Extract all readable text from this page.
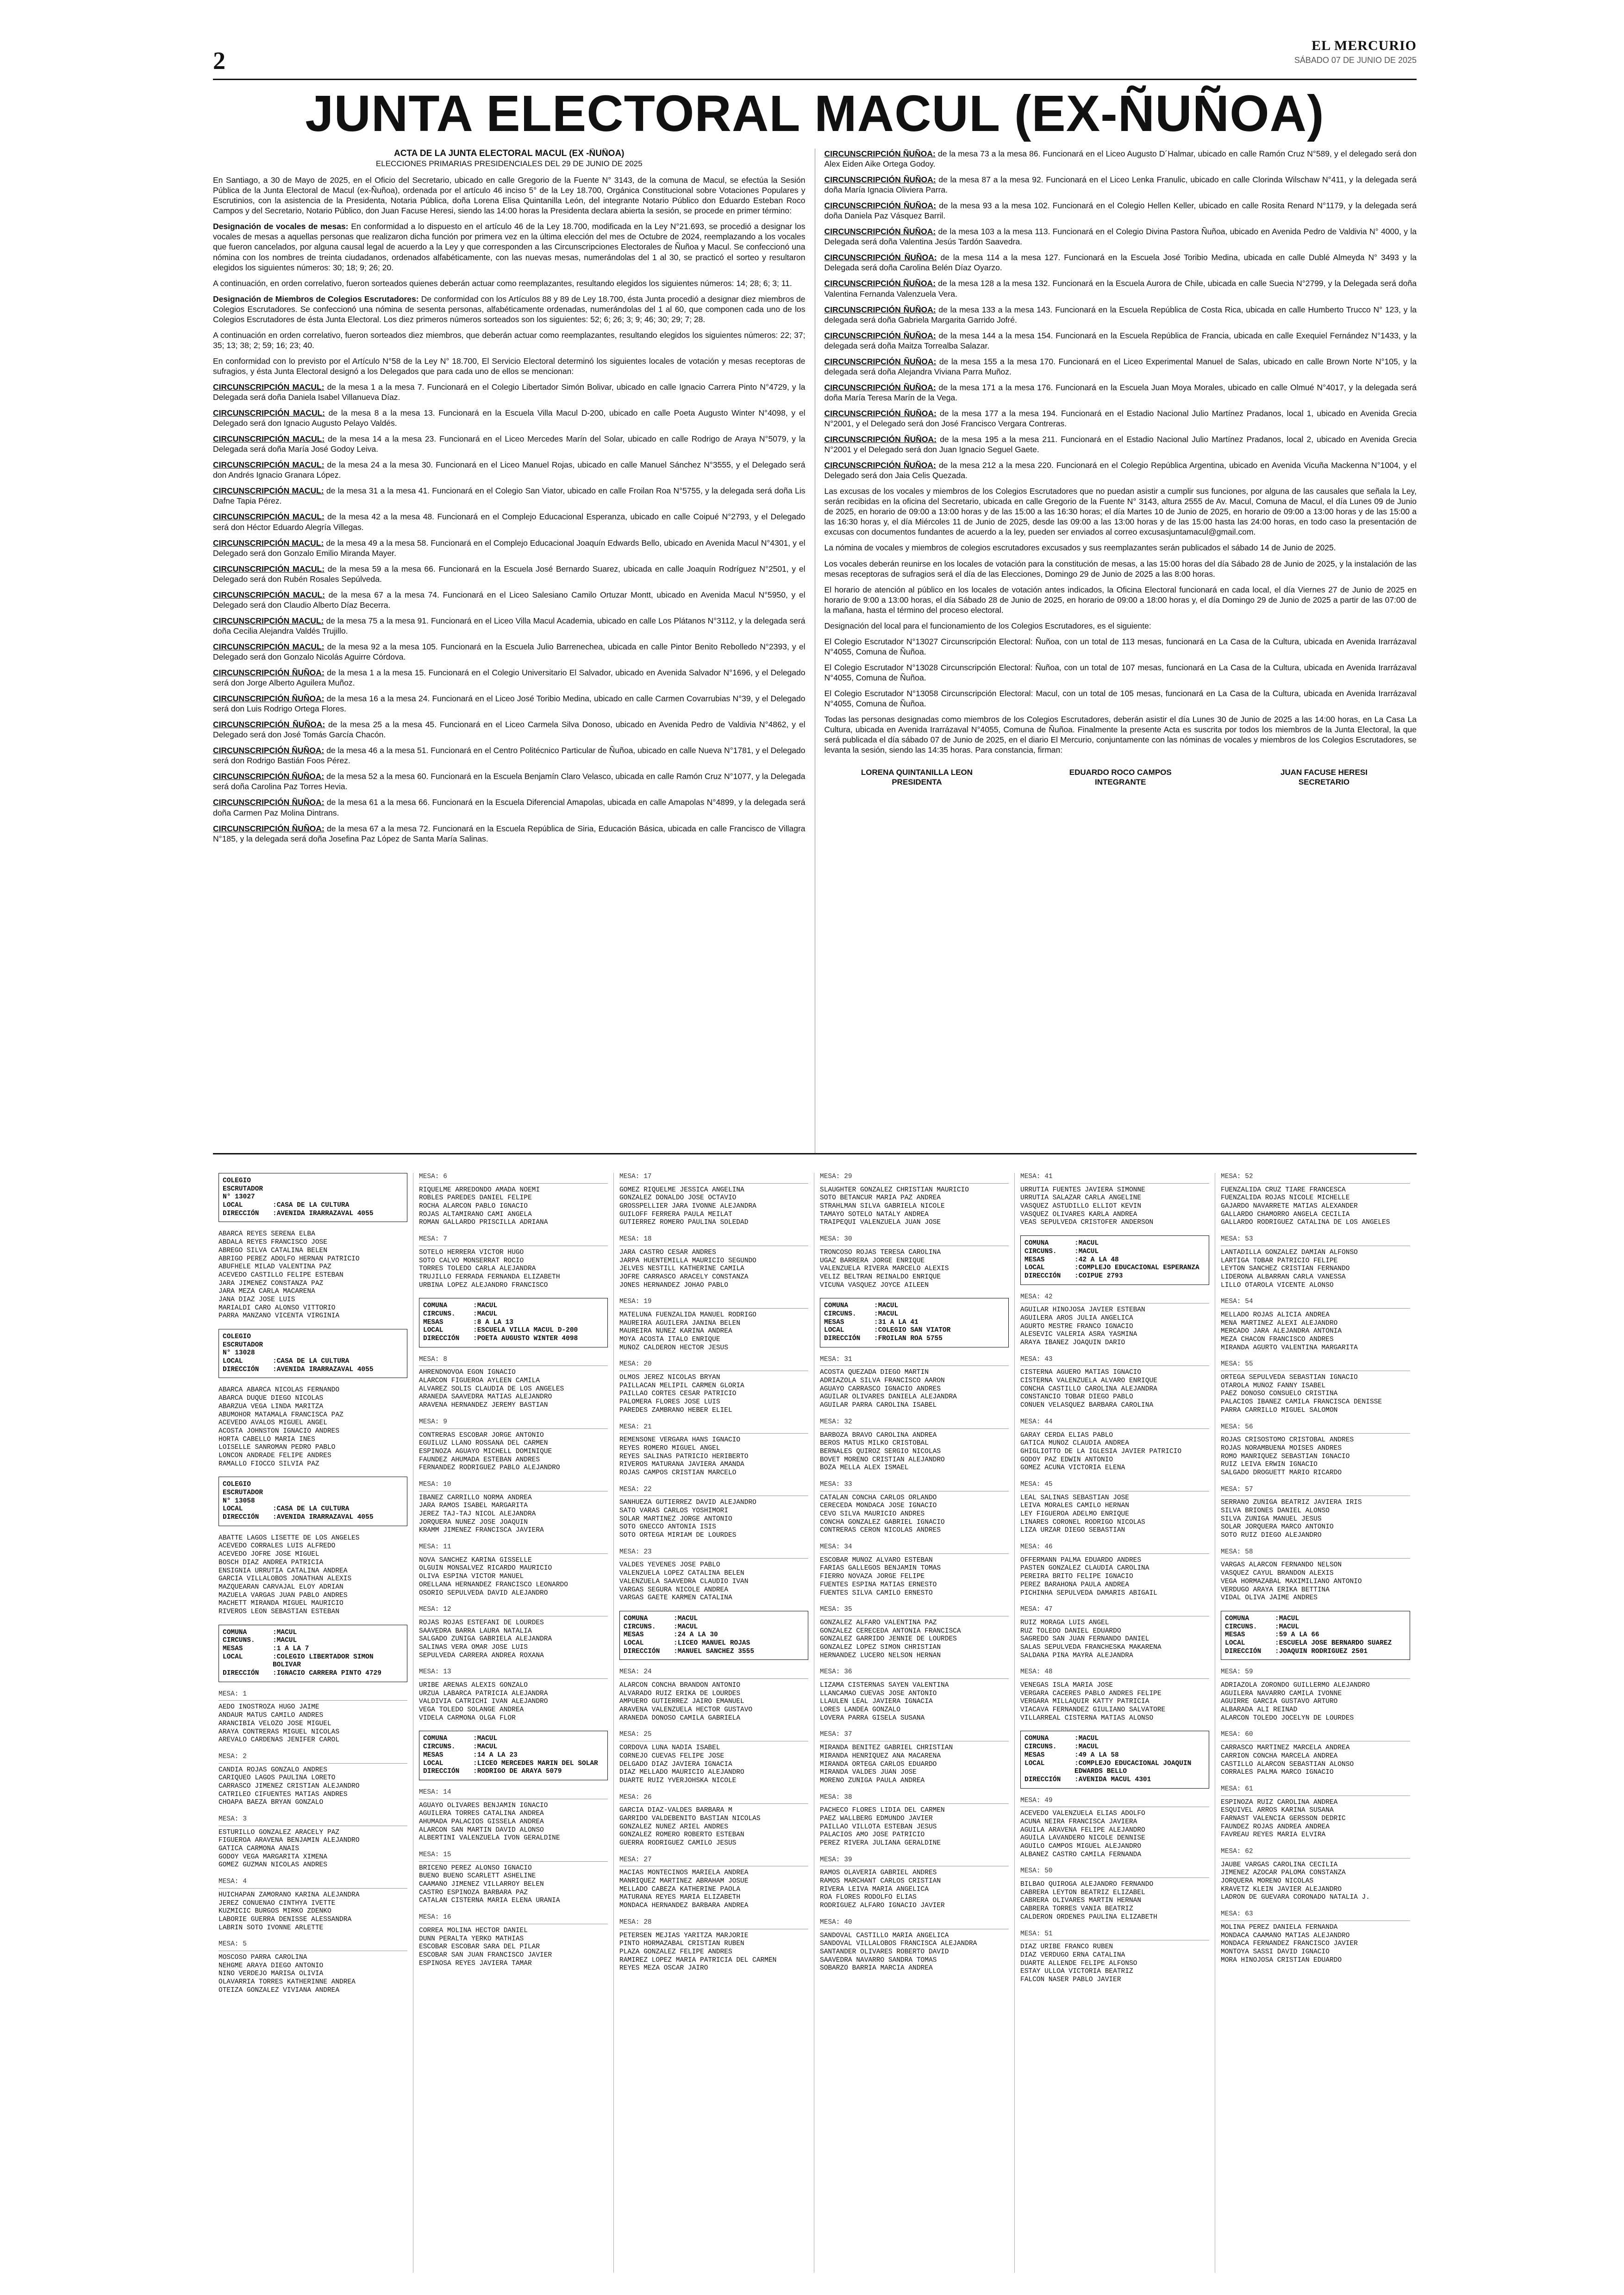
2
EL MERCURIO
SÁBADO 07 DE JUNIO DE 2025
JUNTA ELECTORAL MACUL (EX-ÑUÑOA)
ACTA DE LA JUNTA ELECTORAL MACUL (EX -ÑUÑOA)
ELECCIONES PRIMARIAS PRESIDENCIALES DEL 29 DE JUNIO DE 2025

En Santiago, a 30 de Mayo de 2025, en el Oficio del Secretario, ubicado en calle Gregorio de la Fuente N° 3143, de la comuna de Macul, se efectúa la Sesión Pública de la Junta Electoral de Macul (ex-Ñuñoa), ordenada por el artículo 46 inciso 5° de la Ley 18.700, Orgánica Constitucional sobre Votaciones Populares y Escrutinios, con la asistencia de la Presidenta, Notaria Pública, doña Lorena Elisa Quintanilla León, del integrante Notario Público don Eduardo Esteban Roco Campos y del Secretario, Notario Público, don Juan Facuse Heresi, siendo las 14:00 horas la Presidenta declara abierta la sesión, se procede en primer término:

Designación de vocales de mesas: En conformidad a lo dispuesto en el artículo 46 de la Ley 18.700, modificada en la Ley N°21.693, se procedió a designar los vocales de mesas a aquellas personas que realizaron dicha función por primera vez en la última elección del mes de Octubre de 2024, reemplazando a los vocales que fueron cancelados, por alguna causal legal de acuerdo a la Ley y que corresponden a las Circunscripciones Electorales de Ñuñoa y Macul. Se confeccionó una nómina con los nombres de treinta ciudadanos, ordenados alfabéticamente, con las nuevas mesas, numerándolas del 1 al 30, se practicó el sorteo y resultaron elegidos los siguientes números: 30; 18; 9; 26; 20.

A continuación, en orden correlativo, fueron sorteados quienes deberán actuar como reemplazantes, resultando elegidos los siguientes números: 14; 28; 6; 3; 11.

Designación de Miembros de Colegios Escrutadores: De conformidad con los Artículos 88 y 89 de Ley 18.700, ésta Junta procedió a designar diez miembros de Colegios Escrutadores. Se confeccionó una nómina de sesenta personas, alfabéticamente ordenadas, numerándolas del 1 al 60, que componen cada uno de los Colegios Escrutadores de ésta Junta Electoral. Los diez primeros números sorteados son los siguientes: 52; 6; 26; 3; 9; 46; 30; 29; 7; 28.

A continuación en orden correlativo, fueron sorteados diez miembros, que deberán actuar como reemplazantes, resultando elegidos los siguientes números: 22; 37; 35; 13; 38; 2; 59; 16; 23; 40.

En conformidad con lo previsto por el Artículo N°58 de la Ley N° 18.700, El Servicio Electoral determinó los siguientes locales de votación y mesas receptoras de sufragios, y ésta Junta Electoral designó a los Delegados que para cada uno de ellos se mencionan:

CIRCUNSCRIPCIÓN MACUL: de la mesa 1 a la mesa 7. Funcionará en el Colegio Libertador Simón Bolivar, ubicado en calle Ignacio Carrera Pinto N°4729, y la Delegada será doña Daniela Isabel Villanueva Díaz.

CIRCUNSCRIPCIÓN MACUL: de la mesa 8 a la mesa 13. Funcionará en la Escuela Villa Macul D-200, ubicado en calle Poeta Augusto Winter N°4098, y el Delegado será don Ignacio Augusto Pelayo Valdés.

CIRCUNSCRIPCIÓN MACUL: de la mesa 14 a la mesa 23. Funcionará en el Liceo Mercedes Marín del Solar, ubicado en calle Rodrigo de Araya N°5079, y la Delegada será doña María José Godoy Leiva.

CIRCUNSCRIPCIÓN MACUL: de la mesa 24 a la mesa 30. Funcionará en el Liceo Manuel Rojas, ubicado en calle Manuel Sánchez N°3555, y el Delegado será don Andrés Ignacio Granara López.

CIRCUNSCRIPCIÓN MACUL: de la mesa 31 a la mesa 41. Funcionará en el Colegio San Viator, ubicado en calle Froilan Roa N°5755, y la delegada será doña Lis Dafne Tapia Pérez.

CIRCUNSCRIPCIÓN MACUL: de la mesa 42 a la mesa 48. Funcionará en el Complejo Educacional Esperanza, ubicado en calle Coipué N°2793, y el Delegado será don Héctor Eduardo Alegría Villegas.

CIRCUNSCRIPCIÓN MACUL: de la mesa 49 a la mesa 58. Funcionará en el Complejo Educacional Joaquín Edwards Bello, ubicado en Avenida Macul N°4301, y el Delegado será don Gonzalo Emilio Miranda Mayer.

CIRCUNSCRIPCIÓN MACUL: de la mesa 59 a la mesa 66. Funcionará en la Escuela José Bernardo Suarez, ubicada en calle Joaquín Rodríguez N°2501, y el Delegado será don Rubén Rosales Sepúlveda.

CIRCUNSCRIPCIÓN MACUL: de la mesa 67 a la mesa 74. Funcionará en el Liceo Salesiano Camilo Ortuzar Montt, ubicado en Avenida Macul N°5950, y el Delegado será don Claudio Alberto Díaz Becerra.

CIRCUNSCRIPCIÓN MACUL: de la mesa 75 a la mesa 91. Funcionará en el Liceo Villa Macul Academia, ubicado en calle Los Plátanos N°3112, y la delegada será doña Cecilia Alejandra Valdés Trujillo.

CIRCUNSCRIPCIÓN MACUL: de la mesa 92 a la mesa 105. Funcionará en la Escuela Julio Barrenechea, ubicada en calle Pintor Benito Rebolledo N°2393, y el Delegado será don Gonzalo Nicolás Aguirre Córdova.

CIRCUNSCRIPCIÓN ÑUÑOA: de la mesa 1 a la mesa 15. Funcionará en el Colegio Universitario El Salvador, ubicado en Avenida Salvador N°1696, y el Delegado será don Jorge Alberto Aguilera Muñoz.

CIRCUNSCRIPCIÓN ÑUÑOA: de la mesa 16 a la mesa 24. Funcionará en el Liceo José Toribio Medina, ubicado en calle Carmen Covarrubias N°39, y el Delegado será don Luis Rodrigo Ortega Flores.

CIRCUNSCRIPCIÓN ÑUÑOA: de la mesa 25 a la mesa 45. Funcionará en el Liceo Carmela Silva Donoso, ubicado en Avenida Pedro de Valdivia N°4862, y el Delegado será don José Tomás García Chacón.

CIRCUNSCRIPCIÓN ÑUÑOA: de la mesa 46 a la mesa 51. Funcionará en el Centro Politécnico Particular de Ñuñoa, ubicado en calle Nueva N°1781, y el Delegado será don Rodrigo Bastián Foos Pérez.

CIRCUNSCRIPCIÓN ÑUÑOA: de la mesa 52 a la mesa 60. Funcionará en la Escuela Benjamín Claro Velasco, ubicada en calle Ramón Cruz N°1077, y la Delegada será doña Carolina Paz Torres Hevia.

CIRCUNSCRIPCIÓN ÑUÑOA: de la mesa 61 a la mesa 66. Funcionará en la Escuela Diferencial Amapolas, ubicada en calle Amapolas N°4899, y la delegada será doña Carmen Paz Molina Dintrans.

CIRCUNSCRIPCIÓN ÑUÑOA: de la mesa 67 a la mesa 72. Funcionará en la Escuela República de Siria, Educación Básica, ubicada en calle Francisco de Villagra N°185, y la delegada será doña Josefina Paz López de Santa María Salinas.

CIRCUNSCRIPCIÓN ÑUÑOA: de la mesa 73 a la mesa 86. Funcionará en el Liceo Augusto D´Halmar, ubicado en calle Ramón Cruz N°589, y el delegado será don Alex Eiden Aike Ortega Godoy.

CIRCUNSCRIPCIÓN ÑUÑOA: de la mesa 87 a la mesa 92. Funcionará en el Liceo Lenka Franulic, ubicado en calle Clorinda Wilschaw N°411, y la delegada será doña María Ignacia Oliviera Parra.

CIRCUNSCRIPCIÓN ÑUÑOA: de la mesa 93 a la mesa 102. Funcionará en el Colegio Hellen Keller, ubicado en calle Rosita Renard N°1179, y la delegada será doña Daniela Paz Vásquez Barril.

CIRCUNSCRIPCIÓN ÑUÑOA: de la mesa 103 a la mesa 113. Funcionará en el Colegio Divina Pastora Ñuñoa, ubicado en Avenida Pedro de Valdivia N° 4000, y la Delegada será doña Valentina Jesús Tardón Saavedra.

CIRCUNSCRIPCIÓN ÑUÑOA: de la mesa 114 a la mesa 127. Funcionará en la Escuela José Toribio Medina, ubicada en calle Dublé Almeyda N° 3493 y la Delegada será doña Carolina Belén Díaz Oyarzo.

CIRCUNSCRIPCIÓN ÑUÑOA: de la mesa 128 a la mesa 132. Funcionará en la Escuela Aurora de Chile, ubicada en calle Suecia N°2799, y la Delegada será doña Valentina Fernanda Valenzuela Vera.

CIRCUNSCRIPCIÓN ÑUÑOA: de la mesa 133 a la mesa 143. Funcionará en la Escuela República de Costa Rica, ubicada en calle Humberto Trucco N° 123, y la delegada será doña Gabriela Margarita Garrido Jofré.

CIRCUNSCRIPCIÓN ÑUÑOA: de la mesa 144 a la mesa 154. Funcionará en la Escuela República de Francia, ubicada en calle Exequiel Fernández N°1433, y la delegada será doña Maitza Torrealba Salazar.

CIRCUNSCRIPCIÓN ÑUÑOA: de la mesa 155 a la mesa 170. Funcionará en el Liceo Experimental Manuel de Salas, ubicado en calle Brown Norte N°105, y la delegada será doña Alejandra Viviana Parra Muñoz.

CIRCUNSCRIPCIÓN ÑUÑOA: de la mesa 171 a la mesa 176. Funcionará en la Escuela Juan Moya Morales, ubicado en calle Olmué N°4017, y la delegada será doña María Teresa Marín de la Vega.

CIRCUNSCRIPCIÓN ÑUÑOA: de la mesa 177 a la mesa 194. Funcionará en el Estadio Nacional Julio Martínez Pradanos, local 1, ubicado en Avenida Grecia N°2001, y el Delegado será don José Francisco Vergara Contreras.

CIRCUNSCRIPCIÓN ÑUÑOA: de la mesa 195 a la mesa 211. Funcionará en el Estadio Nacional Julio Martínez Pradanos, local 2, ubicado en Avenida Grecia N°2001 y el Delegado será don Juan Ignacio Seguel Gaete.

CIRCUNSCRIPCIÓN ÑUÑOA: de la mesa 212 a la mesa 220. Funcionará en el Colegio República Argentina, ubicado en Avenida Vicuña Mackenna N°1004, y el Delegado será don Jaia Celis Quezada.

Las excusas de los vocales y miembros de los Colegios Escrutadores que no puedan asistir a cumplir sus funciones, por alguna de las causales que señala la Ley, serán recibidas en la oficina del Secretario, ubicada en calle Gregorio de la Fuente N° 3143, altura 2555 de Av. Macul, Comuna de Macul, el día Lunes 09 de Junio de 2025, en horario de 09:00 a 13:00 horas y de las 15:00 a las 16:30 horas; el día Martes 10 de Junio de 2025, en horario de 09:00 a 13:00 horas y de las 15:00 a las 16:30 horas y, el día Miércoles 11 de Junio de 2025, desde las 09:00 a las 13:00 horas y de las 15:00 hasta las 24:00 horas, en todo caso la presentación de excusas con documentos fundantes de acuerdo a la ley, pueden ser enviados al correo excusasjuntamacul@gmail.com.

La nómina de vocales y miembros de colegios escrutadores excusados y sus reemplazantes serán publicados el sábado 14 de Junio de 2025.

Los vocales deberán reunirse en los locales de votación para la constitución de mesas, a las 15:00 horas del día Sábado 28 de Junio de 2025, y la instalación de las mesas receptoras de sufragios será el día de las Elecciones, Domingo 29 de Junio de 2025 a las 8:00 horas.

El horario de atención al público en los locales de votación antes indicados, la Oficina Electoral funcionará en cada local, el día Viernes 27 de Junio de 2025 en horario de 9:00 a 13:00 horas, el día Sábado 28 de Junio de 2025, en horario de 09:00 a 18:00 horas y, el día Domingo 29 de Junio de 2025 a partir de las 07:00 de la mañana, hasta el término del proceso electoral.

Designación del local para el funcionamiento de los Colegios Escrutadores, es el siguiente:

El Colegio Escrutador N°13027 Circunscripción Electoral: Ñuñoa, con un total de 113 mesas, funcionará en La Casa de la Cultura, ubicada en Avenida Irarrázaval N°4055, Comuna de Ñuñoa.

El Colegio Escrutador N°13028 Circunscripción Electoral: Ñuñoa, con un total de 107 mesas, funcionará en La Casa de la Cultura, ubicada en Avenida Irarrázaval N°4055, Comuna de Ñuñoa.

El Colegio Escrutador N°13058 Circunscripción Electoral: Macul, con un total de 105 mesas, funcionará en La Casa de la Cultura, ubicada en Avenida Irarrázaval N°4055, Comuna de Ñuñoa.

Todas las personas designadas como miembros de los Colegios Escrutadores, deberán asistir el día Lunes 30 de Junio de 2025 a las 14:00 horas, en La Casa La Cultura, ubicada en Avenida Irarrázaval N°4055, Comuna de Ñuñoa. Finalmente la presente Acta es suscrita por todos los miembros de la Junta Electoral, la que será publicada el día sábado 07 de Junio de 2025, en el diario El Mercurio, conjuntamente con las nóminas de vocales y miembros de los Colegios Escrutadores, se levanta la sesión, siendo las 14:35 horas. Para constancia, firman:

LORENA QUINTANILLA LEON
PRESIDENTA
EDUARDO ROCO CAMPOS
INTEGRANTE
JUAN FACUSE HERESI
SECRETARIO
COLEGIO ESCRUTADOR N° 13027
LOCAL	:CASA DE LA CULTURA
DIRECCIÓN	:AVENIDA IRARRAZAVAL 4055
ABARCA REYES SERENA ELBA
ABDALA REYES FRANCISCO JOSE
ABREGO SILVA CATALINA BELEN
ABRIGO PEREZ ADOLFO HERNAN PATRICIO
ABUFHELE MILAD VALENTINA PAZ
ACEVEDO CASTILLO FELIPE ESTEBAN
JARA JIMENEZ CONSTANZA PAZ
JARA MEZA CARLA MACARENA
JANA DIAZ JOSE LUIS
MARIALDI CARO ALONSO VITTORIO
PARRA MANZANO VICENTA VIRGINIA
COLEGIO ESCRUTADOR N° 13028
LOCAL	:CASA DE LA CULTURA
DIRECCIÓN	:AVENIDA IRARRAZAVAL 4055
ABARCA ABARCA NICOLAS FERNANDO
ABARCA DUQUE DIEGO NICOLAS
ABARZUA VEGA LINDA MARITZA
ABUMOHOR MATAMALA FRANCISCA PAZ
ACEVEDO AVALOS MIGUEL ANGEL
ACOSTA JOHNSTON IGNACIO ANDRES
HORTA CABELLO MARIA INES
LOISELLE SANROMAN PEDRO PABLO
LONCON ANDRADE FELIPE ANDRES
RAMALLO FIOCCO SILVIA PAZ
COLEGIO ESCRUTADOR N° 13058
LOCAL	:CASA DE LA CULTURA
DIRECCIÓN	:AVENIDA IRARRAZAVAL 4055
ABATTE LAGOS LISETTE DE LOS ANGELES
ACEVEDO CORRALES LUIS ALFREDO
ACEVEDO JOFRE JOSE MIGUEL
BOSCH DIAZ ANDREA PATRICIA
ENSIGNIA URRUTIA CATALINA ANDREA
GARCIA VILLALOBOS JONATHAN ALEXIS
MAZQUEARAN CARVAJAL ELOY ADRIAN
MAZUELA VARGAS JUAN PABLO ANDRES
MACHETT MIRANDA MIGUEL MAURICIO
RIVEROS LEON SEBASTIAN ESTEBAN
COMUNA	:MACUL
CIRCUNS.	:MACUL
MESAS	:1 A LA 7
LOCAL	:COLEGIO LIBERTADOR SIMON BOLIVAR
DIRECCIÓN	:IGNACIO CARRERA PINTO 4729
MESA: 1
AEDO INOSTROZA HUGO JAIME
ANDAUR MATUS CAMILO ANDRES
ARANCIBIA VELOZO JOSE MIGUEL
ARAYA CONTRERAS MIGUEL NICOLAS
AREVALO CARDENAS JENIFER CAROL
MESA: 2
CANDIA ROJAS GONZALO ANDRES
CARIQUEO LAGOS PAULINA LORETO
CARRASCO JIMENEZ CRISTIAN ALEJANDRO
CATRILEO CIFUENTES MATIAS ANDRES
CHOAPA BAEZA BRYAN GONZALO
MESA: 3
ESTURILLO GONZALEZ ARACELY PAZ
FIGUEROA ARAVENA BENJAMIN ALEJANDRO
GATICA CARMONA ANAIS
GODOY VEGA MARGARITA XIMENA
GOMEZ GUZMAN NICOLAS ANDRES
MESA: 4
HUICHAPAN ZAMORANO KARINA ALEJANDRA
JEREZ CONUENAO CINTHYA IVETTE
KUZMICIC BURGOS MIRKO ZDENKO
LABORIE GUERRA DENISSE ALESSANDRA
LABRIN SOTO IVONNE ARLETTE
MESA: 5
MOSCOSO PARRA CAROLINA
NEHGME ARAYA DIEGO ANTONIO
NIÑO VERDEJO MARISA OLIVIA
OLAVARRIA TORRES KATHERINNE ANDREA
OTEIZA GONZALEZ VIVIANA ANDREA
MESA: 6
RIQUELME ARREDONDO AMADA NOEMI
ROBLES PAREDES DANIEL FELIPE
ROCHA ALARCON PABLO IGNACIO
ROJAS ALTAMIRANO CAMI ANGELA
ROMAN GALLARDO PRISCILLA ADRIANA
MESA: 7
SOTELO HERRERA VICTOR HUGO
SOTO CALVO MONSERRAT ROCIO
TORRES TOLEDO CARLA ALEJANDRA
TRUJILLO FERRADA FERNANDA ELIZABETH
URBINA LOPEZ ALEJANDRO FRANCISCO
COMUNA	:MACUL
CIRCUNS.	:MACUL
MESAS	:8 A LA 13
LOCAL	:ESCUELA VILLA MACUL D-200
DIRECCIÓN	:POETA AUGUSTO WINTER 4098
MESA: 8
AHRENDNOVOA EGON IGNACIO
ALARCON FIGUEROA AYLEEN CAMILA
ALVAREZ SOLIS CLAUDIA DE LOS ANGELES
ARANEDA SAAVEDRA MATIAS ALEJANDRO
ARAVENA HERNANDEZ JEREMY BASTIAN
MESA: 9
CONTRERAS ESCOBAR JORGE ANTONIO
EGUILUZ LLANO ROSSANA DEL CARMEN
ESPINOZA AGUAYO MICHELL DOMINIQUE
FAUNDEZ AHUMADA ESTEBAN ANDRES
FERNANDEZ RODRIGUEZ PABLO ALEJANDRO
MESA: 10
IBAÑEZ CARRILLO NORMA ANDREA
JARA RAMOS ISABEL MARGARITA
JEREZ TAJ-TAJ NICOL ALEJANDRA
JORQUERA NUÑEZ JOSE JOAQUIN
KRAMM JIMENEZ FRANCISCA JAVIERA
MESA: 11
NOVA SANCHEZ KARINA GISSELLE
OLGUIN MONSALVEZ RICARDO MAURICIO
OLIVA ESPINA VICTOR MANUEL
ORELLANA HERNANDEZ FRANCISCO LEONARDO
OSORIO SEPULVEDA DAVID ALEJANDRO
MESA: 12
ROJAS ROJAS ESTEFANI DE LOURDES
SAAVEDRA BARRA LAURA NATALIA
SALGADO ZUÑIGA GABRIELA ALEJANDRA
SALINAS VERA OMAR JOSE LUIS
SEPULVEDA CARRERA ANDREA ROXANA
MESA: 13
URIBE ARENAS ALEXIS GONZALO
URZUA LABARCA PATRICIA ALEJANDRA
VALDIVIA CATRICHI IVAN ALEJANDRO
VEGA TOLEDO SOLANGE ANDREA
VIDELA CARMONA OLGA FLOR
COMUNA	:MACUL
CIRCUNS.	:MACUL
MESAS	:14 A LA 23
LOCAL	:LICEO MERCEDES MARIN DEL SOLAR
DIRECCIÓN	:RODRIGO DE ARAYA 5079
MESA: 14
AGUAYO OLIVARES BENJAMIN IGNACIO
AGUILERA TORRES CATALINA ANDREA
AHUMADA PALACIOS GISSELA ANDREA
ALARCON SAN MARTIN DAVID ALONSO
ALBERTINI VALENZUELA IVON GERALDINE
MESA: 15
BRICEÑO PEREZ ALONSO IGNACIO
BUENO BUENO SCARLETT ASHELINE
CAAMAÑO JIMENEZ VILLARROY BELEN
CASTRO ESPINOZA BARBARA PAZ
CATALAN CISTERNA MARIA ELENA URANIA
MESA: 16
CORREA MOLINA HECTOR DANIEL
DUNN PERALTA YERKO MATHIAS
ESCOBAR ESCOBAR SARA DEL PILAR
ESCOBAR SAN JUAN FRANCISCO JAVIER
ESPINOSA REYES JAVIERA TAMAR
MESA: 17
GOMEZ RIQUELME JESSICA ANGELINA
GONZALEZ DONALDO JOSE OCTAVIO
GROSSPELLIER JARA IVONNE ALEJANDRA
GUILOFF FERRERA PAULA MEILAT
GUTIERREZ ROMERO PAULINA SOLEDAD
MESA: 18
JARA CASTRO CESAR ANDRES
JARPA HUENTEMILLA MAURICIO SEGUNDO
JELVES NESTILL KATHERINE CAMILA
JOFRE CARRASCO ARACELY CONSTANZA
JONES HERNANDEZ JOHAO PABLO
MESA: 19
MATELUNA FUENZALIDA MANUEL RODRIGO
MAUREIRA AGUILERA JANINA BELEN
MAUREIRA NUÑEZ KARINA ANDREA
MOYA ACOSTA ITALO ENRIQUE
MUÑOZ CALDERON HECTOR JESUS
MESA: 20
OLMOS JEREZ NICOLAS BRYAN
PAILLACAN MELIPIL CARMEN GLORIA
PAILLAO CORTES CESAR PATRICIO
PALOMERA FLORES JOSE LUIS
PAREDES ZAMBRANO HEBER ELIEL
MESA: 21
REMENSONE VERGARA HANS IGNACIO
REYES ROMERO MIGUEL ANGEL
REYES SALINAS PATRICIO HERIBERTO
RIVEROS MATURANA JAVIERA AMANDA
ROJAS CAMPOS CRISTIAN MARCELO
MESA: 22
SANHUEZA GUTIERREZ DAVID ALEJANDRO
SATO VARAS CARLOS YOSHIMORI
SOLAR MARTINEZ JORGE ANTONIO
SOTO GNECCO ANTONIA ISIS
SOTO ORTEGA MIRIAM DE LOURDES
MESA: 23
VALDES YEVENES JOSE PABLO
VALENZUELA LOPEZ CATALINA BELEN
VALENZUELA SAAVEDRA CLAUDIO IVAN
VARGAS SEGURA NICOLE ANDREA
VARGAS GAETE KARMEN CATALINA
COMUNA	:MACUL
CIRCUNS.	:MACUL
MESAS	:24 A LA 30
LOCAL	:LICEO MANUEL ROJAS
DIRECCIÓN	:MANUEL SANCHEZ 3555
MESA: 24
ALARCON CONCHA BRANDON ANTONIO
ALVARADO RUIZ ERIKA DE LOURDES
AMPUERO GUTIERREZ JAIRO EMANUEL
ARAVENA VALENZUELA HECTOR GUSTAVO
ARANEDA DONOSO CAMILA GABRIELA
MESA: 25
CORDOVA LUNA NADIA ISABEL
CORNEJO CUEVAS FELIPE JOSE
DELGADO DIAZ JAVIERA IGNACIA
DIAZ MELLADO MAURICIO ALEJANDRO
DUARTE RUIZ YVERJOHSKA NICOLE
MESA: 26
GARCIA DIAZ-VALDES BARBARA M
GARRIDO VALDEBENITO BASTIAN NICOLAS
GONZALEZ NUÑEZ ARIEL ANDRES
GONZALEZ ROMERO ROBERTO ESTEBAN
GUERRA RODRIGUEZ CAMILO JESUS
MESA: 27
MACIAS MONTECINOS MARIELA ANDREA
MANRIQUEZ MARTINEZ ABRAHAM JOSUE
MELLADO CABEZA KATHERINE PAOLA
MATURANA REYES MARIA ELIZABETH
MONDACA HERNANDEZ BARBARA ANDREA
MESA: 28
PETERSEN MEJIAS YARITZA MARJORIE
PINTO HORMAZABAL CRISTIAN RUBEN
PLAZA GONZALEZ FELIPE ANDRES
RAMIREZ LOPEZ MARIA PATRICIA DEL CARMEN
REYES MEZA OSCAR JAIRO
MESA: 29
SLAUGHTER GONZALEZ CHRISTIAN MAURICIO
SOTO BETANCUR MARIA PAZ ANDREA
STRAHLMAN SILVA GABRIELA NICOLE
TAMAYO SOTELO NATALY ANDREA
TRAIPEQUI VALENZUELA JUAN JOSE
MESA: 30
TRONCOSO ROJAS TERESA CAROLINA
UGAZ BARRERA JORGE ENRIQUE
VALENZUELA RIVERA MARCELO ALEXIS
VELIZ BELTRAN REINALDO ENRIQUE
VICUÑA VASQUEZ JOYCE AILEEN
COMUNA	:MACUL
CIRCUNS.	:MACUL
MESAS	:31 A LA 41
LOCAL	:COLEGIO SAN VIATOR
DIRECCIÓN	:FROILAN ROA 5755
MESA: 31
ACOSTA QUEZADA DIEGO MARTIN
ADRIAZOLA SILVA FRANCISCO AARON
AGUAYO CARRASCO IGNACIO ANDRES
AGUILAR OLIVARES DANIELA ALEJANDRA
AGUILAR PARRA CAROLINA ISABEL
MESA: 32
BARBOZA BRAVO CAROLINA ANDREA
BEROS MATUS MILKO CRISTOBAL
BERNALES QUIROZ SERGIO NICOLAS
BOVET MORENO CRISTIAN ALEJANDRO
BOZA MELLA ALEX ISMAEL
MESA: 33
CATALAN CONCHA CARLOS ORLANDO
CERECEDA MONDACA JOSE IGNACIO
CEVO SILVA MAURICIO ANDRES
CONCHA GONZALEZ GABRIEL IGNACIO
CONTRERAS CERON NICOLAS ANDRES
MESA: 34
ESCOBAR MUÑOZ ALVARO ESTEBAN
FARIAS GALLEGOS BENJAMIN TOMAS
FIERRO NOVAZA JORGE FELIPE
FUENTES ESPINA MATIAS ERNESTO
FUENTES SILVA CAMILO ERNESTO
MESA: 35
GONZALEZ ALFARO VALENTINA PAZ
GONZALEZ CERECEDA ANTONIA FRANCISCA
GONZALEZ GARRIDO JENNIE DE LOURDES
GONZALEZ LOPEZ SIMON CHRISTIAN
HERNANDEZ LUCERO NELSON HERNAN
MESA: 36
LIZAMA CISTERNAS SAYEN VALENTINA
LLANCAMAO CUEVAS JOSE ANTONIO
LLAULEN LEAL JAVIERA IGNACIA
LORES LANDEA GONZALO
LOVERA PARRA GISELA SUSANA
MESA: 37
MIRANDA BENITEZ GABRIEL CHRISTIAN
MIRANDA HENRIQUEZ ANA MACARENA
MIRANDA ORTEGA CARLOS EDUARDO
MIRANDA VALDES JUAN JOSE
MORENO ZUÑIGA PAULA ANDREA
MESA: 38
PACHECO FLORES LIDIA DEL CARMEN
PAEZ WALLBERG EDMUNDO JAVIER
PAILLAO VILLOTA ESTEBAN JESUS
PALACIOS AMO JOSE PATRICIO
PEREZ RIVERA JULIANA GERALDINE
MESA: 39
RAMOS OLAVERIA GABRIEL ANDRES
RAMOS MARCHANT CARLOS CRISTIAN
RIVERA LEIVA MARIA ANGELICA
ROA FLORES RODOLFO ELIAS
RODRIGUEZ ALFARO IGNACIO JAVIER
MESA: 40
SANDOVAL CASTILLO MARIA ANGELICA
SANDOVAL VILLALOBOS FRANCISCA ALEJANDRA
SANTANDER OLIVARES ROBERTO DAVID
SAAVEDRA NAVARRO SANDRA TOMAS
SOBARZO BARRIA MARCIA ANDREA
MESA: 41
URRUTIA FUENTES JAVIERA SIMONNE
URRUTIA SALAZAR CARLA ANGELINE
VASQUEZ ASTUDILLO ELLIOT KEVIN
VASQUEZ OLIVARES KARLA ANDREA
VEAS SEPULVEDA CRISTOFER ANDERSON
COMUNA	:MACUL
CIRCUNS.	:MACUL
MESAS	:42 A LA 48
LOCAL	:COMPLEJO EDUCACIONAL ESPERANZA
DIRECCIÓN	:COIPUE 2793
MESA: 42
AGUILAR HINOJOSA JAVIER ESTEBAN
AGUILERA AROS JULIA ANGELICA
AGURTO MESTRE FRANCO IGNACIO
ALESEVIC VALERIA ASRA YASMINA
ARAYA IBAÑEZ JOAQUIN DARIO
MESA: 43
CISTERNA AGUERO MATIAS IGNACIO
CISTERNA VALENZUELA ALVARO ENRIQUE
CONCHA CASTILLO CAROLINA ALEJANDRA
CONSTANCIO TOBAR DIEGO PABLO
COÑUEN VELASQUEZ BARBARA CAROLINA
MESA: 44
GARAY CERDA ELIAS PABLO
GATICA MUÑOZ CLAUDIA ANDREA
GHIGLIOTTO DE LA IGLESIA JAVIER PATRICIO
GODOY PAZ EDWIN ANTONIO
GOMEZ ACUÑA VICTORIA ELENA
MESA: 45
LEAL SALINAS SEBASTIAN JOSE
LEIVA MORALES CAMILO HERNAN
LEY FIGUEROA ADELMO ENRIQUE
LINARES CORONEL RODRIGO NICOLAS
LIZA URZAR DIEGO SEBASTIAN
MESA: 46
OFFERMANN PALMA EDUARDO ANDRES
PASTEN GONZALEZ CLAUDIA CAROLINA
PEREIRA BRITO FELIPE IGNACIO
PEREZ BARAHONA PAULA ANDREA
PICHINHA SEPULVEDA DAMARIS ABIGAIL
MESA: 47
RUIZ MORAGA LUIS ANGEL
RUZ TOLEDO DANIEL EDUARDO
SAGREDO SAN JUAN FERNANDO DANIEL
SALAS SEPULVEDA FRANCHESKA MAKARENA
SALDAÑA PIÑA MAYRA ALEJANDRA
MESA: 48
VENEGAS ISLA MARIA JOSE
VERGARA CACERES PABLO ANDRES FELIPE
VERGARA MILLAQUIR KATTY PATRICIA
VIACAVA FERNANDEZ GIULIANO SALVATORE
VILLARREAL CISTERNA MATIAS ALONSO
COMUNA	:MACUL
CIRCUNS.	:MACUL
MESAS	:49 A LA 58
LOCAL	:COMPLEJO EDUCACIONAL JOAQUIN EDWARDS BELLO
DIRECCIÓN	:AVENIDA MACUL 4301
MESA: 49
ACEVEDO VALENZUELA ELIAS ADOLFO
ACUÑA NEIRA FRANCISCA JAVIERA
AGUILA ARAVENA FELIPE ALEJANDRO
AGUILA LAVANDERO NICOLE DENNISE
AGUILO CAMPOS MIGUEL ALEJANDRO
ALBANEZ CASTRO CAMILA FERNANDA
MESA: 50
BILBAO QUIROGA ALEJANDRO FERNANDO
CABRERA LEYTON BEATRIZ ELIZABEL
CABRERA OLIVARES MARTIN HERNAN
CABRERA TORRES VANIA BEATRIZ
CALDERON ORDENES PAULINA ELIZABETH
MESA: 51
DIAZ URIBE FRANCO RUBEN
DIAZ VERDUGO ERNA CATALINA
DUARTE ALLENDE FELIPE ALFONSO
ESTAY ULLOA VICTORIA BEATRIZ
FALCON NASER PABLO JAVIER
MESA: 52
FUENZALIDA CRUZ TIARE FRANCESCA
FUENZALIDA ROJAS NICOLE MICHELLE
GAJARDO NAVARRETE MATIAS ALEXANDER
GALLARDO CHAMORRO ANGELA CECILIA
GALLARDO RODRIGUEZ CATALINA DE LOS ANGELES
MESA: 53
LANTADILLA GONZALEZ DAMIAN ALFONSO
LARTIGA TOBAR PATRICIO FELIPE
LEYTON SANCHEZ CRISTIAN FERNANDO
LIDERONA ALBARRAN CARLA VANESSA
LILLO OTAROLA VICENTE ALONSO
MESA: 54
MELLADO ROJAS ALICIA ANDREA
MENA MARTINEZ ALEXI ALEJANDRO
MERCADO JARA ALEJANDRA ANTONIA
MEZA CHACON FRANCISCO ANDRES
MIRANDA AGURTO VALENTINA MARGARITA
MESA: 55
ORTEGA SEPULVEDA SEBASTIAN IGNACIO
OTAROLA MUÑOZ FANNY ISABEL
PAEZ DONOSO CONSUELO CRISTINA
PALACIOS IBAÑEZ CAMILA FRANCISCA DENISSE
PARRA CARRILLO MIGUEL SALOMON
MESA: 56
ROJAS CRISOSTOMO CRISTOBAL ANDRES
ROJAS NORAMBUENA MOISES ANDRES
ROMO MANRIQUEZ SEBASTIAN IGNACIO
RUIZ LEIVA ERWIN IGNACIO
SALGADO DROGUETT MARIO RICARDO
MESA: 57
SERRANO ZUÑIGA BEATRIZ JAVIERA IRIS
SILVA BRIONES DANIEL ALONSO
SILVA ZUÑIGA MANUEL JESUS
SOLAR JORQUERA MARCO ANTONIO
SOTO RUIZ DIEGO ALEJANDRO
MESA: 58
VARGAS ALARCON FERNANDO NELSON
VASQUEZ CAYUL BRANDON ALEXIS
VEGA HORMAZABAL MAXIMILIANO ANTONIO
VERDUGO ARAYA ERIKA BETTINA
VIDAL OLIVA JAIME ANDRES
COMUNA	:MACUL
CIRCUNS.	:MACUL
MESAS	:59 A LA 66
LOCAL	:ESCUELA JOSE BERNARDO SUAREZ
DIRECCIÓN	:JOAQUIN RODRIGUEZ 2501
MESA: 59
ADRIAZOLA ZORONDO GUILLERMO ALEJANDRO
AGUILERA NAVARRO CAMILA IVONNE
AGUIRRE GARCIA GUSTAVO ARTURO
ALBARADA ALI REINAD
ALARCON TOLEDO JOCELYN DE LOURDES
MESA: 60
CARRASCO MARTINEZ MARCELA ANDREA
CARRION CONCHA MARCELA ANDREA
CASTILLO ALARCON SEBASTIAN ALONSO
CORRALES PALMA MARCO IGNACIO
MESA: 61
ESPINOZA RUIZ CAROLINA ANDREA
ESQUIVEL ARROS KARINA SUSANA
FARNAST VALENCIA GERSSON DEDRIC
FAUNDEZ ROJAS ANDREA ANDREA
FAVREAU REYES MARIA ELVIRA
MESA: 62
JAUBE VARGAS CAROLINA CECILIA
JIMENEZ AZOCAR PALOMA CONSTANZA
JORQUERA MORENO NICOLAS
KRAVETZ KLEIN JAVIER ALEJANDRO
LADRON DE GUEVARA CORONADO NATALIA J.
MESA: 63
MOLINA PEREZ DANIELA FERNANDA
MONDACA CAAMAÑO MATIAS ALEJANDRO
MONDACA FERNANDEZ FRANCISCO JAVIER
MONTOYA SASSI DAVID IGNACIO
MORA HINOJOSA CRISTIAN EDUARDO
